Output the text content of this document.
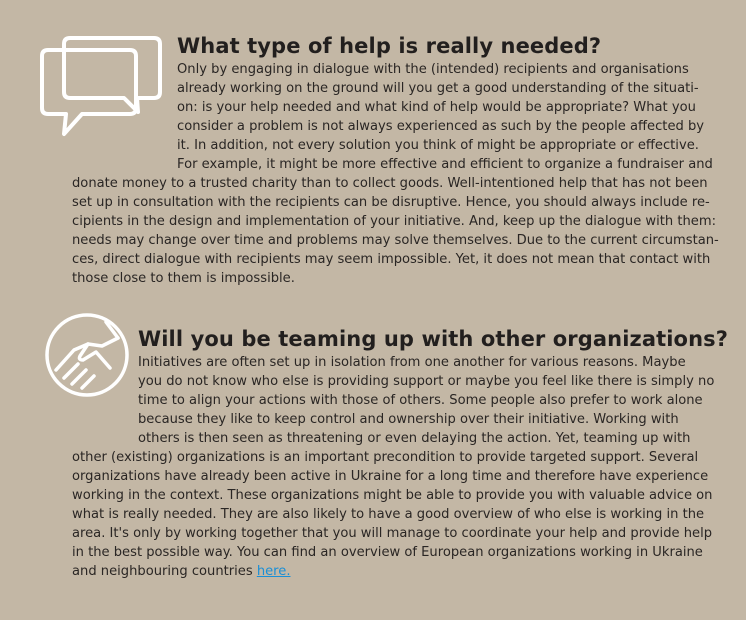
What type of help is really needed?
Only by engaging in dialogue with the (intended) recipients and organisations
already working on the ground will you get a good understanding of the situati-
on: is your help needed and what kind of help would be appropriate? What you
consider a problem is not always experienced as such by the people affected by
it. In addition, not every solution you think of might be appropriate or effective.
For example, it might be more effective and efficient to organize a fundraiser and
donate money to a trusted charity than to collect goods. Well-intentioned help that has not been
set up in consultation with the recipients can be disruptive. Hence, you should always include re-
cipients in the design and implementation of your initiative. And, keep up the dialogue with them:
needs may change over time and problems may solve themselves. Due to the current circumstan-
ces, direct dialogue with recipients may seem impossible. Yet, it does not mean that contact with
those close to them is impossible.
Will you be teaming up with other organizations?
Initiatives are often set up in isolation from one another for various reasons. Maybe
you do not know who else is providing support or maybe you feel like there is simply no
time to align your actions with those of others. Some people also prefer to work alone
because they like to keep control and ownership over their initiative. Working with
others is then seen as threatening or even delaying the action. Yet, teaming up with
other (existing) organizations is an important precondition to provide targeted support. Several
organizations have already been active in Ukraine for a long time and therefore have experience
working in the context. These organizations might be able to provide you with valuable advice on
what is really needed. They are also likely to have a good overview of who else is working in the
area. It's only by working together that you will manage to coordinate your help and provide help
in the best possible way. You can find an overview of European organizations working in Ukraine
and neighbouring countries here.
